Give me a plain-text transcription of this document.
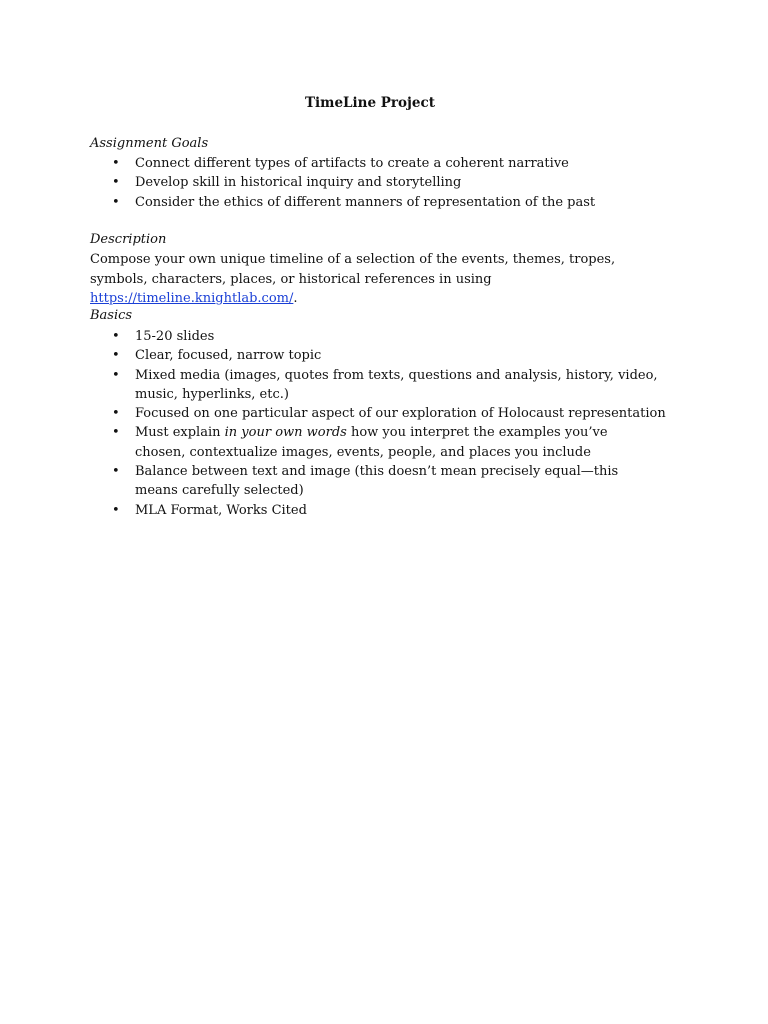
TimeLine Project
Assignment Goals
• Connect different types of artifacts to create a coherent narrative
• Develop skill in historical inquiry and storytelling
• Consider the ethics of different manners of representation of the past
Description
Compose your own unique timeline of a selection of the events, themes, tropes, symbols, characters, places, or historical references in using https://timeline.knightlab.com/.
Basics
• 15-20 slides
• Clear, focused, narrow topic
• Mixed media (images, quotes from texts, questions and analysis, history, video, music, hyperlinks, etc.)
• Focused on one particular aspect of our exploration of Holocaust representation
• Must explain in your own words how you interpret the examples you’ve chosen, contextualize images, events, people, and places you include
• Balance between text and image (this doesn’t mean precisely equal—this means carefully selected)
• MLA Format, Works Cited
